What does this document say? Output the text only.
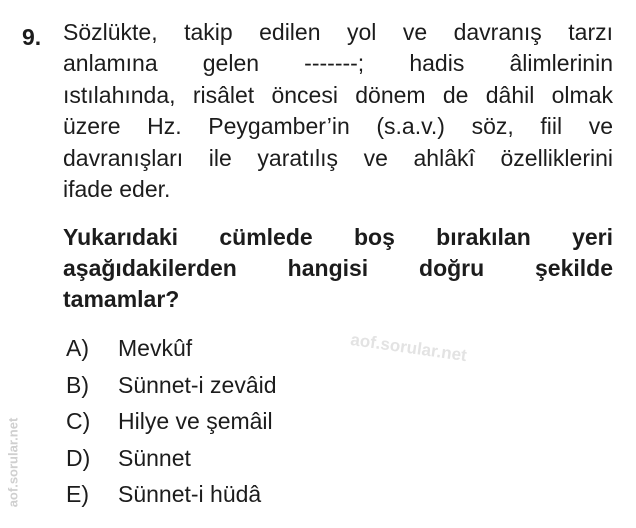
9. Sözlükte, takip edilen yol ve davranış tarzı
anlamına gelen -------; hadis âlimlerinin
ıstılahında, risâlet öncesi dönem de dâhil olmak
üzere Hz. Peygamber’in (s.a.v.) söz, fiil ve
davranışları ile yaratılış ve ahlâkî özelliklerini
ifade eder.

Yukarıdaki cümlede boş bırakılan yeri
aşağıdakilerden hangisi doğru şekilde
tamamlar?

A) Mevkûf
B) Sünnet-i zevâid
C) Hilye ve şemâil
D) Sünnet
E) Sünnet-i hüdâ
aof.sorular.net
aof.sorular.net
